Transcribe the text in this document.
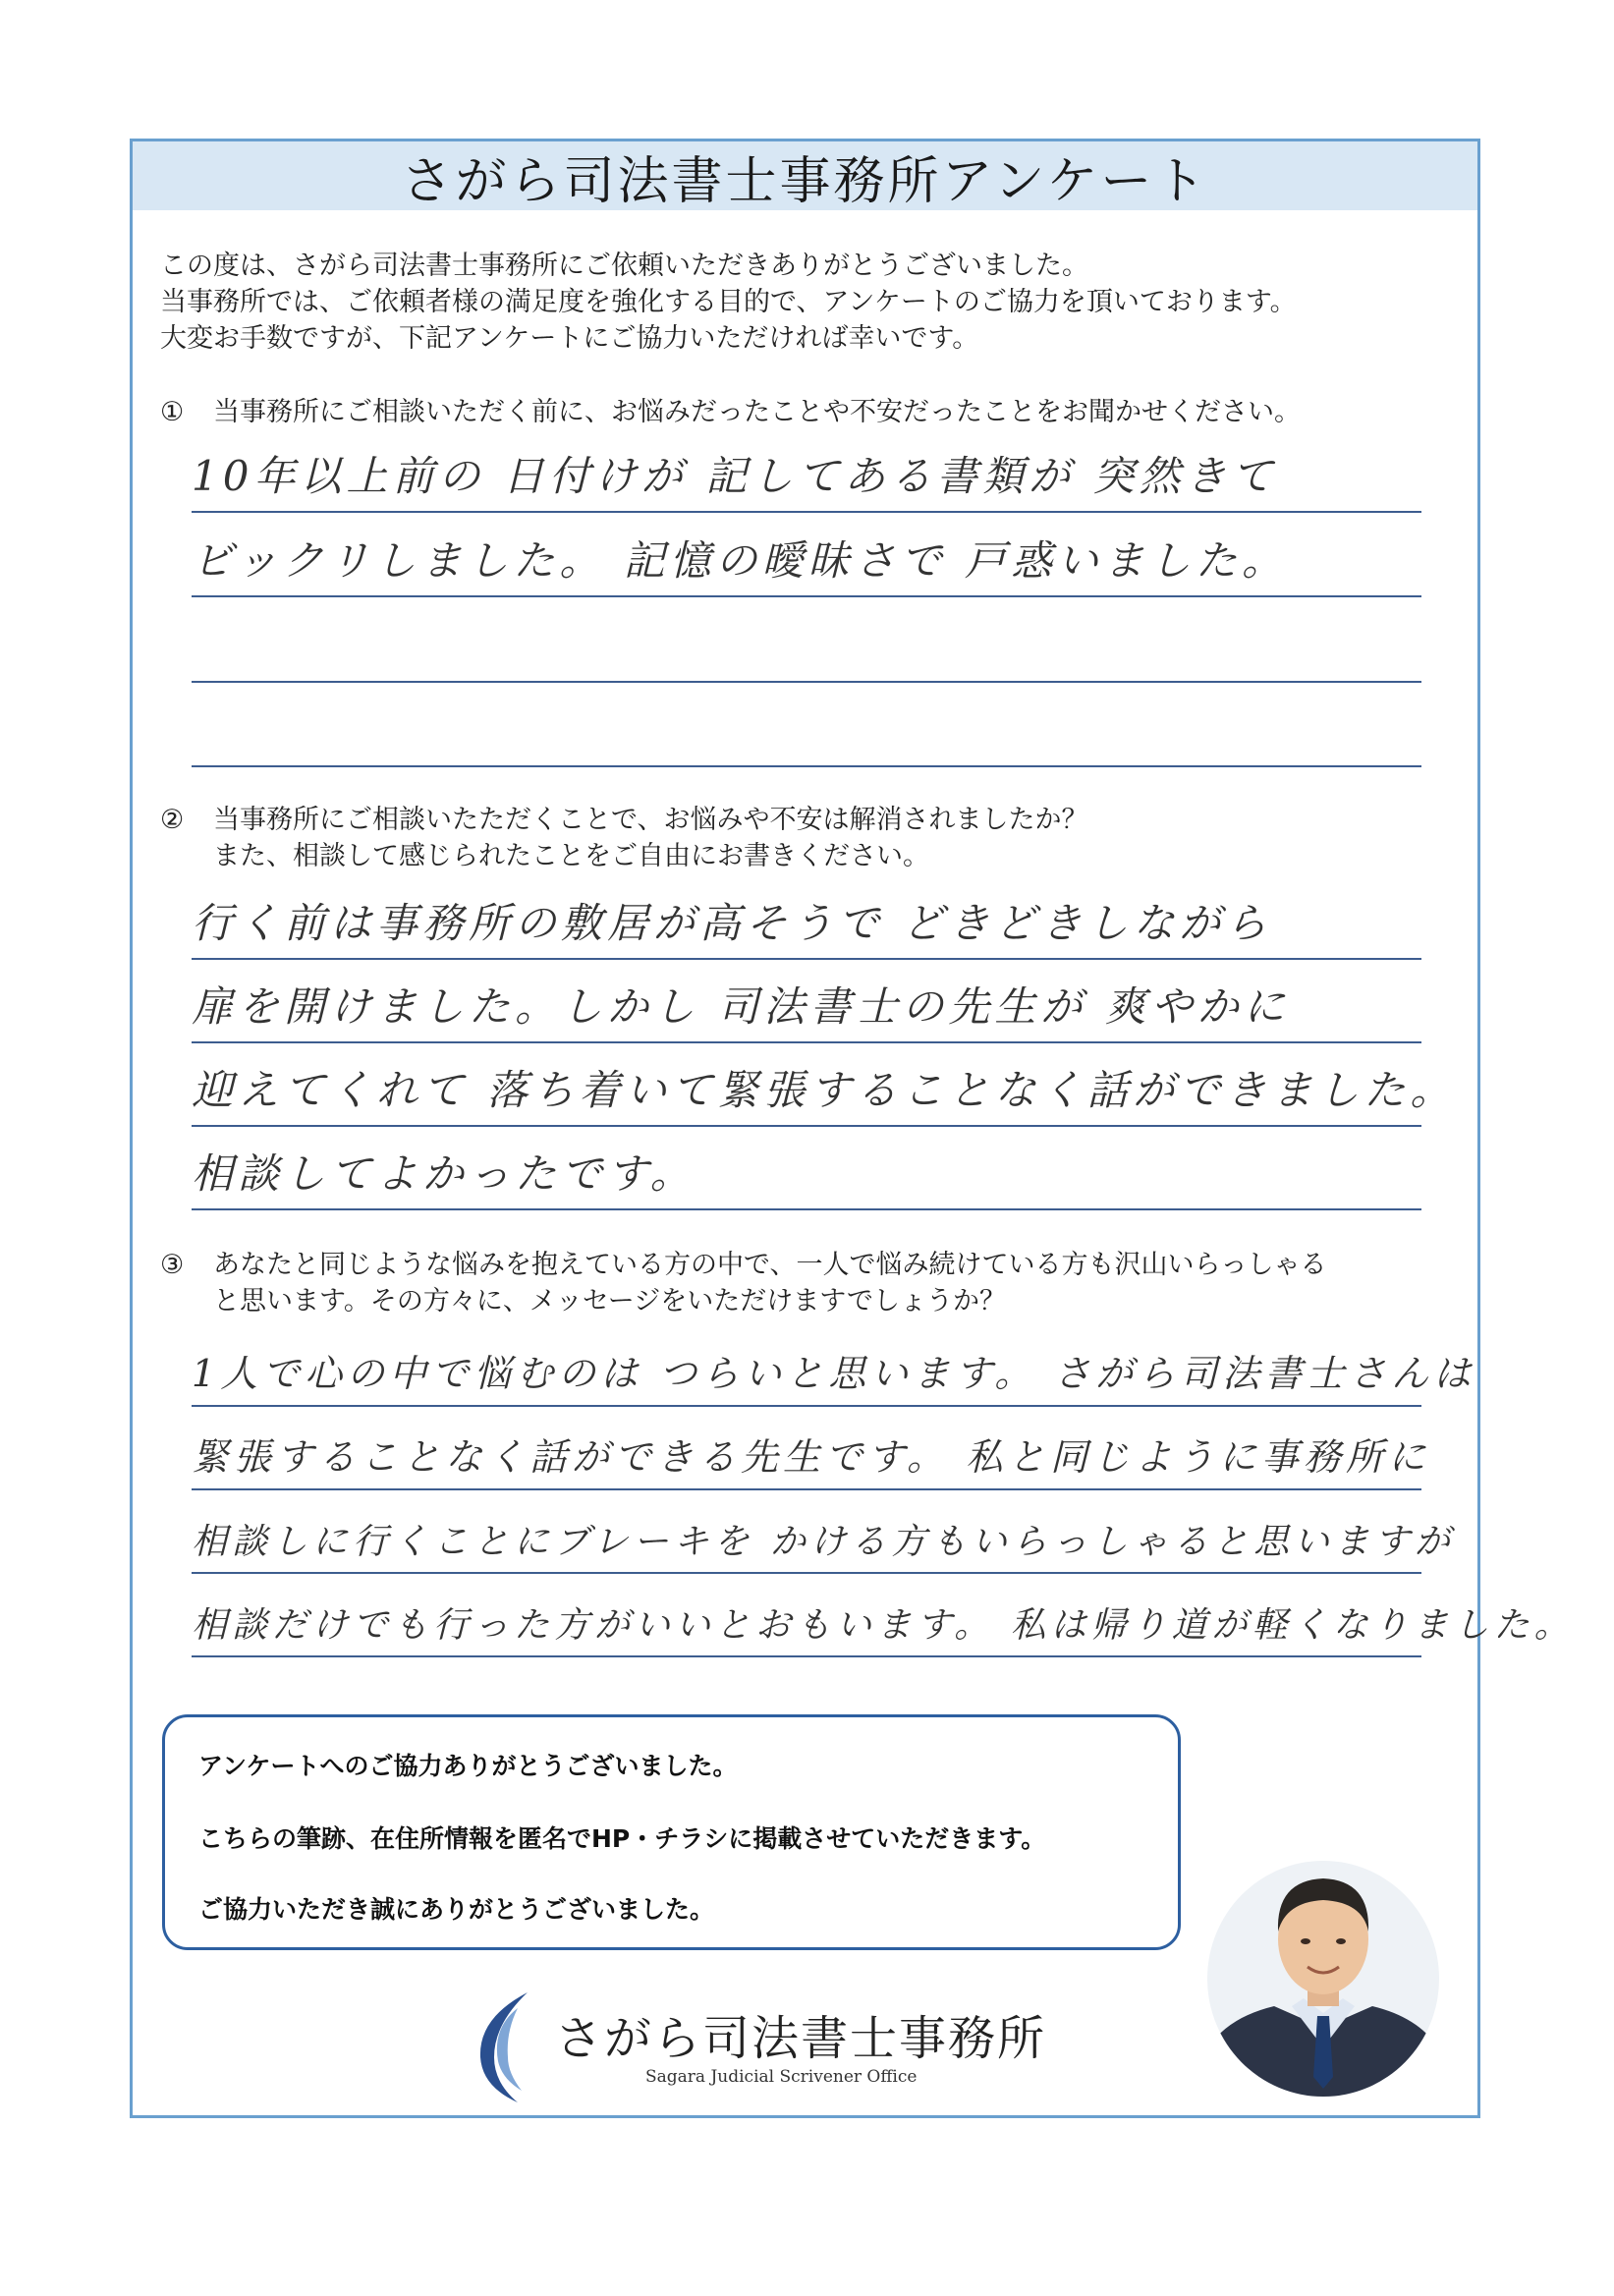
さがら司法書士事務所アンケート
この度は、さがら司法書士事務所にご依頼いただきありがとうございました。
当事務所では、ご依頼者様の満足度を強化する目的で、アンケートのご協力を頂いております。
大変お手数ですが、下記アンケートにご協力いただければ幸いです。
①	当事務所にご相談いただく前に、お悩みだったことや不安だったことをお聞かせください。
10年以上前の 日付けが 記してある書類が 突然きて
ビックリしました。 記憶の曖昧さで 戸惑いました。
②	当事務所にご相談いたただくことで、お悩みや不安は解消されましたか？
また、相談して感じられたことをご自由にお書きください。
行く前は事務所の敷居が高そうで どきどきしながら
扉を開けました。しかし 司法書士の先生が 爽やかに
迎えてくれて 落ち着いて緊張することなく話ができました。
相談してよかったです。
③	あなたと同じような悩みを抱えている方の中で、一人で悩み続けている方も沢山いらっしゃる
と思います。その方々に、メッセージをいただけますでしょうか？
1人で心の中で悩むのは つらいと思います。 さがら司法書士さんは
緊張することなく話ができる先生です。 私と同じように事務所に
相談しに行くことにブレーキを かける方もいらっしゃると思いますが
相談だけでも行った方がいいとおもいます。 私は帰り道が軽くなりました。
アンケートへのご協力ありがとうございました。
こちらの筆跡、在住所情報を匿名でHP・チラシに掲載させていただきます。
ご協力いただき誠にありがとうございました。
さがら司法書士事務所
Sagara Judicial Scrivener Office
